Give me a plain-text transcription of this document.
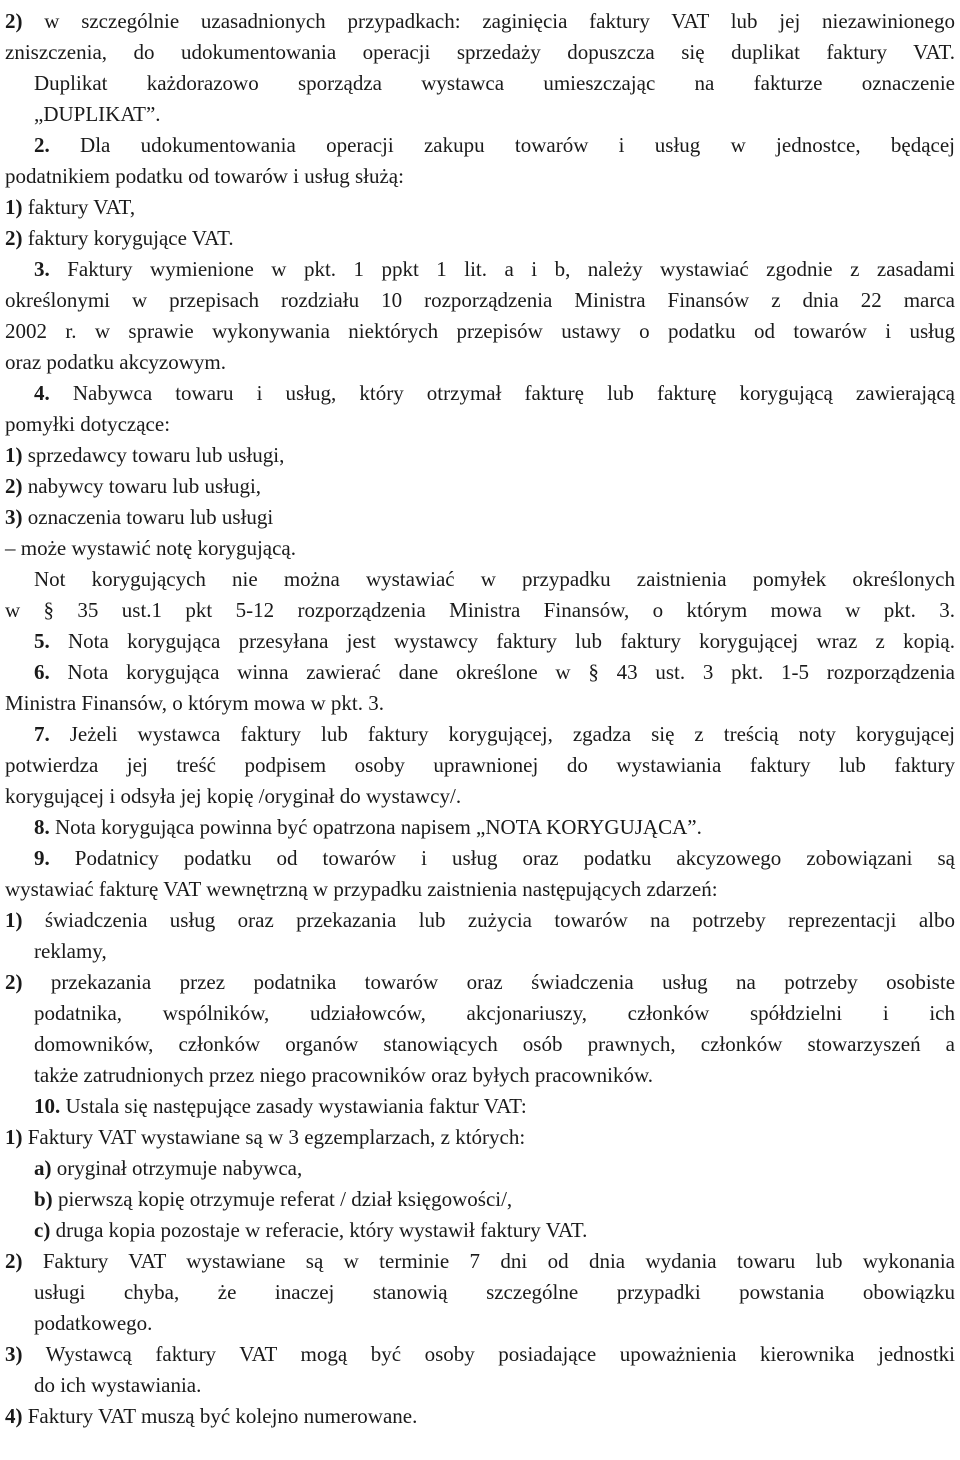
2) w szczególnie uzasadnionych przypadkach: zaginięcia faktury VAT lub jej niezawinionego
zniszczenia, do udokumentowania operacji sprzedaży dopuszcza się duplikat faktury VAT.
Duplikat każdorazowo sporządza wystawca umieszczając na fakturze oznaczenie
„DUPLIKAT”.
2. Dla udokumentowania operacji zakupu towarów i usług w jednostce, będącej
podatnikiem podatku od towarów i usług służą:
1) faktury VAT,
2) faktury korygujące VAT.
3. Faktury wymienione w pkt. 1 ppkt 1 lit. a i b, należy wystawiać zgodnie z zasadami
określonymi w przepisach rozdziału 10 rozporządzenia Ministra Finansów z dnia 22 marca
2002 r. w sprawie wykonywania niektórych przepisów ustawy o podatku od towarów i usług
oraz podatku akcyzowym.
4. Nabywca towaru i usług, który otrzymał fakturę lub fakturę korygującą zawierającą
pomyłki dotyczące:
1) sprzedawcy towaru lub usługi,
2) nabywcy towaru lub usługi,
3) oznaczenia towaru lub usługi
– może wystawić notę korygującą.
Not korygujących nie można wystawiać w przypadku zaistnienia pomyłek określonych
w § 35 ust.1 pkt 5-12 rozporządzenia Ministra Finansów, o którym mowa w pkt. 3.
5. Nota korygująca przesyłana jest wystawcy faktury lub faktury korygującej wraz z kopią.
6. Nota korygująca winna zawierać dane określone w § 43 ust. 3 pkt. 1-5 rozporządzenia
Ministra Finansów, o którym mowa w pkt. 3.
7. Jeżeli wystawca faktury lub faktury korygującej, zgadza się z treścią noty korygującej
potwierdza jej treść podpisem osoby uprawnionej do wystawiania faktury lub faktury
korygującej i odsyła jej kopię /oryginał do wystawcy/.
8. Nota korygująca powinna być opatrzona napisem „NOTA KORYGUJĄCA”.
9. Podatnicy podatku od towarów i usług oraz podatku akcyzowego zobowiązani są
wystawiać fakturę VAT wewnętrzną w przypadku zaistnienia następujących zdarzeń:
1) świadczenia usług oraz przekazania lub zużycia towarów na potrzeby reprezentacji albo
reklamy,
2) przekazania przez podatnika towarów oraz świadczenia usług na potrzeby osobiste
podatnika, wspólników, udziałowców, akcjonariuszy, członków spółdzielni i ich
domowników, członków organów stanowiących osób prawnych, członków stowarzyszeń a
także zatrudnionych przez niego pracowników oraz byłych pracowników.
10. Ustala się następujące zasady wystawiania faktur VAT:
1) Faktury VAT wystawiane są w 3 egzemplarzach, z których:
a) oryginał otrzymuje nabywca,
b) pierwszą kopię otrzymuje referat / dział księgowości/,
c) druga kopia pozostaje w referacie, który wystawił faktury VAT.
2) Faktury VAT wystawiane są w terminie 7 dni od dnia wydania towaru lub wykonania
usługi chyba, że inaczej stanowią szczególne przypadki powstania obowiązku
podatkowego.
3) Wystawcą faktury VAT mogą być osoby posiadające upoważnienia kierownika jednostki
do ich wystawiania.
4) Faktury VAT muszą być kolejno numerowane.
